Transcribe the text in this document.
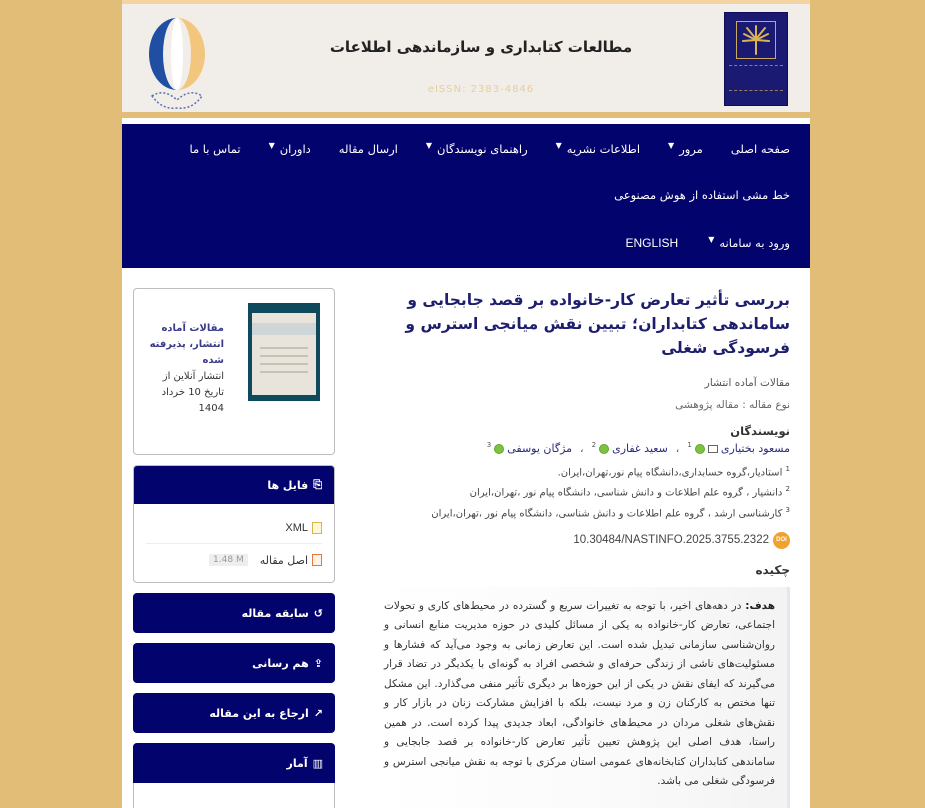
مطالعات کتابداری و سازماندهی اطلاعات
eISSN: 2383-4846
صفحه اصلی
مرور
▼
اطلاعات نشریه
▼
راهنمای نویسندگان
▼
ارسال مقاله
داوران
▼
تماس با ما
خط مشی استفاده از هوش مصنوعی
ورود به سامانه
▼
ENGLISH
بررسی تأثیر تعارض کار-خانواده بر قصد جابجایی و ساماندهی کتابداران؛ تبیین نقش میانجی استرس و فرسودگی شغلی
مقالات آماده انتشار
نوع مقاله : مقاله پژوهشی
نویسندگان
مسعود بختیاری
1
،
سعید غفاری
2
،
مژگان یوسفی
3
$^1$ استادیار،گروه حسابداری،دانشگاه پیام نور،تهران،ایران.
$^2$ دانشیار ، گروه علم اطلاعات و دانش شناسی، دانشگاه پیام نور ،تهران،ایران
$^3$ کارشناسی ارشد ، گروه علم اطلاعات و دانش شناسی، دانشگاه پیام نور ،تهران،ایران
DOI
10.30484/NASTINFO.2025.3755.2322
چکیده
هدف: در دهه‌های اخیر، با توجه به تغییرات سریع و گسترده در محیط‌های کاری و تحولات اجتماعی، تعارض کار-خانواده به یکی از مسائل کلیدی در حوزه مدیریت منابع انسانی و روان‌شناسی سازمانی تبدیل شده است. این تعارض زمانی به وجود می‌آید که فشارها و مسئولیت‌های ناشی از زندگی حرفه‌ای و شخصی افراد به گونه‌ای با یکدیگر در تضاد قرار می‌گیرند که ایفای نقش در یکی از این حوزه‌ها بر دیگری تأثیر منفی می‌گذارد. این مشکل تنها مختص به کارکنان زن و مرد نیست، بلکه با افزایش مشارکت زنان در بازار کار و نقش‌های شغلی مردان در محیط‌های خانوادگی، ابعاد جدیدی پیدا کرده است. در همین راستا، هدف اصلی این پژوهش تعیین تأثیر تعارض کار-خانواده بر قصد جابجایی و ساماندهی کتابداران کتابخانه‌های عمومی استان مرکزی با توجه به نقش میانجی استرس و فرسودگی شغلی می باشد.
مقالات آماده انتشار، پذیرفته شده
انتشار آنلاین از تاریخ 10 خرداد 1404
⎘
فایل ها
XML
اصل مقاله
1.48 M
↺
سابقه مقاله
⇪
هم رسانی
↗
ارجاع به این مقاله
▥
آمار
